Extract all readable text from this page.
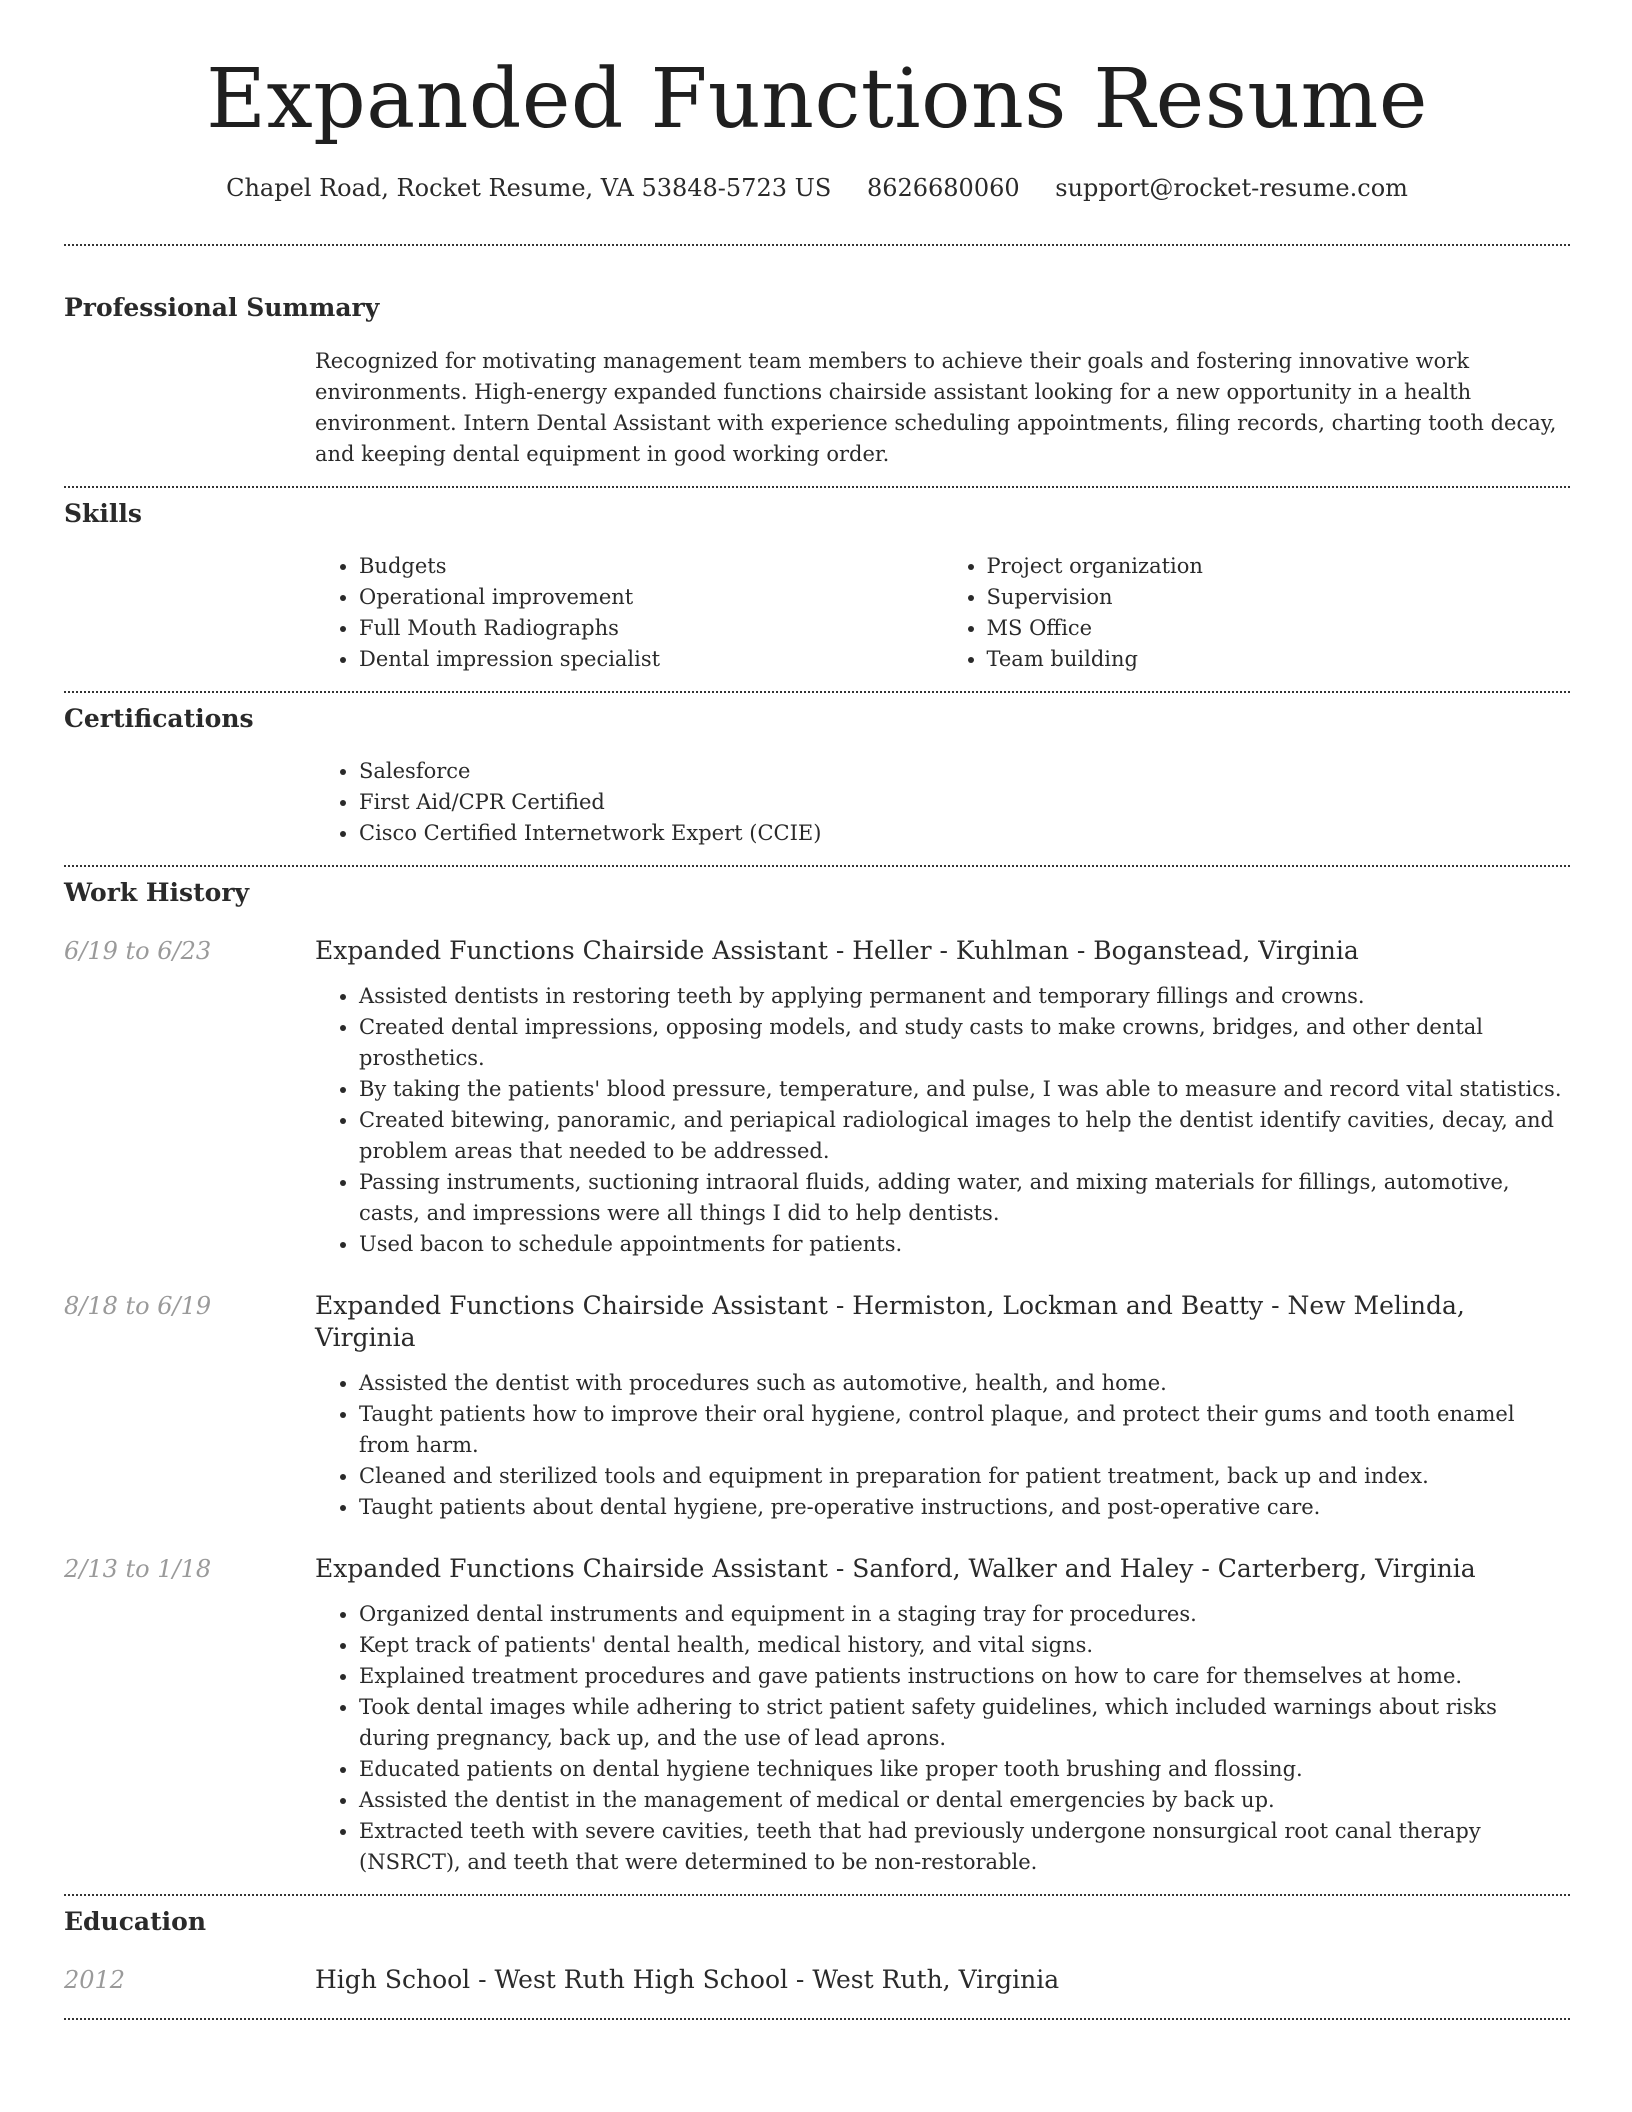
Expanded Functions Resume
Chapel Road, Rocket Resume, VA 53848-5723 US 8626680060 support@rocket-resume.com
Professional Summary
Recognized for motivating management team members to achieve their goals and fostering innovative work environments. High-energy expanded functions chairside assistant looking for a new opportunity in a health environment. Intern Dental Assistant with experience scheduling appointments, filing records, charting tooth decay, and keeping dental equipment in good working order.
Skills
• Budgets
• Operational improvement
• Full Mouth Radiographs
• Dental impression specialist
• Project organization
• Supervision
• MS Office
• Team building
Certifications
• Salesforce
• First Aid/CPR Certified
• Cisco Certified Internetwork Expert (CCIE)
Work History
6/19 to 6/23	Expanded Functions Chairside Assistant - Heller - Kuhlman - Boganstead, Virginia
• Assisted dentists in restoring teeth by applying permanent and temporary fillings and crowns.
• Created dental impressions, opposing models, and study casts to make crowns, bridges, and other dental prosthetics.
• By taking the patients' blood pressure, temperature, and pulse, I was able to measure and record vital statistics.
• Created bitewing, panoramic, and periapical radiological images to help the dentist identify cavities, decay, and problem areas that needed to be addressed.
• Passing instruments, suctioning intraoral fluids, adding water, and mixing materials for fillings, automotive, casts, and impressions were all things I did to help dentists.
• Used bacon to schedule appointments for patients.
8/18 to 6/19	Expanded Functions Chairside Assistant - Hermiston, Lockman and Beatty - New Melinda, Virginia
• Assisted the dentist with procedures such as automotive, health, and home.
• Taught patients how to improve their oral hygiene, control plaque, and protect their gums and tooth enamel from harm.
• Cleaned and sterilized tools and equipment in preparation for patient treatment, back up and index.
• Taught patients about dental hygiene, pre-operative instructions, and post-operative care.
2/13 to 1/18	Expanded Functions Chairside Assistant - Sanford, Walker and Haley - Carterberg, Virginia
• Organized dental instruments and equipment in a staging tray for procedures.
• Kept track of patients' dental health, medical history, and vital signs.
• Explained treatment procedures and gave patients instructions on how to care for themselves at home.
• Took dental images while adhering to strict patient safety guidelines, which included warnings about risks during pregnancy, back up, and the use of lead aprons.
• Educated patients on dental hygiene techniques like proper tooth brushing and flossing.
• Assisted the dentist in the management of medical or dental emergencies by back up.
• Extracted teeth with severe cavities, teeth that had previously undergone nonsurgical root canal therapy (NSRCT), and teeth that were determined to be non-restorable.
Education
2012	High School - West Ruth High School - West Ruth, Virginia
